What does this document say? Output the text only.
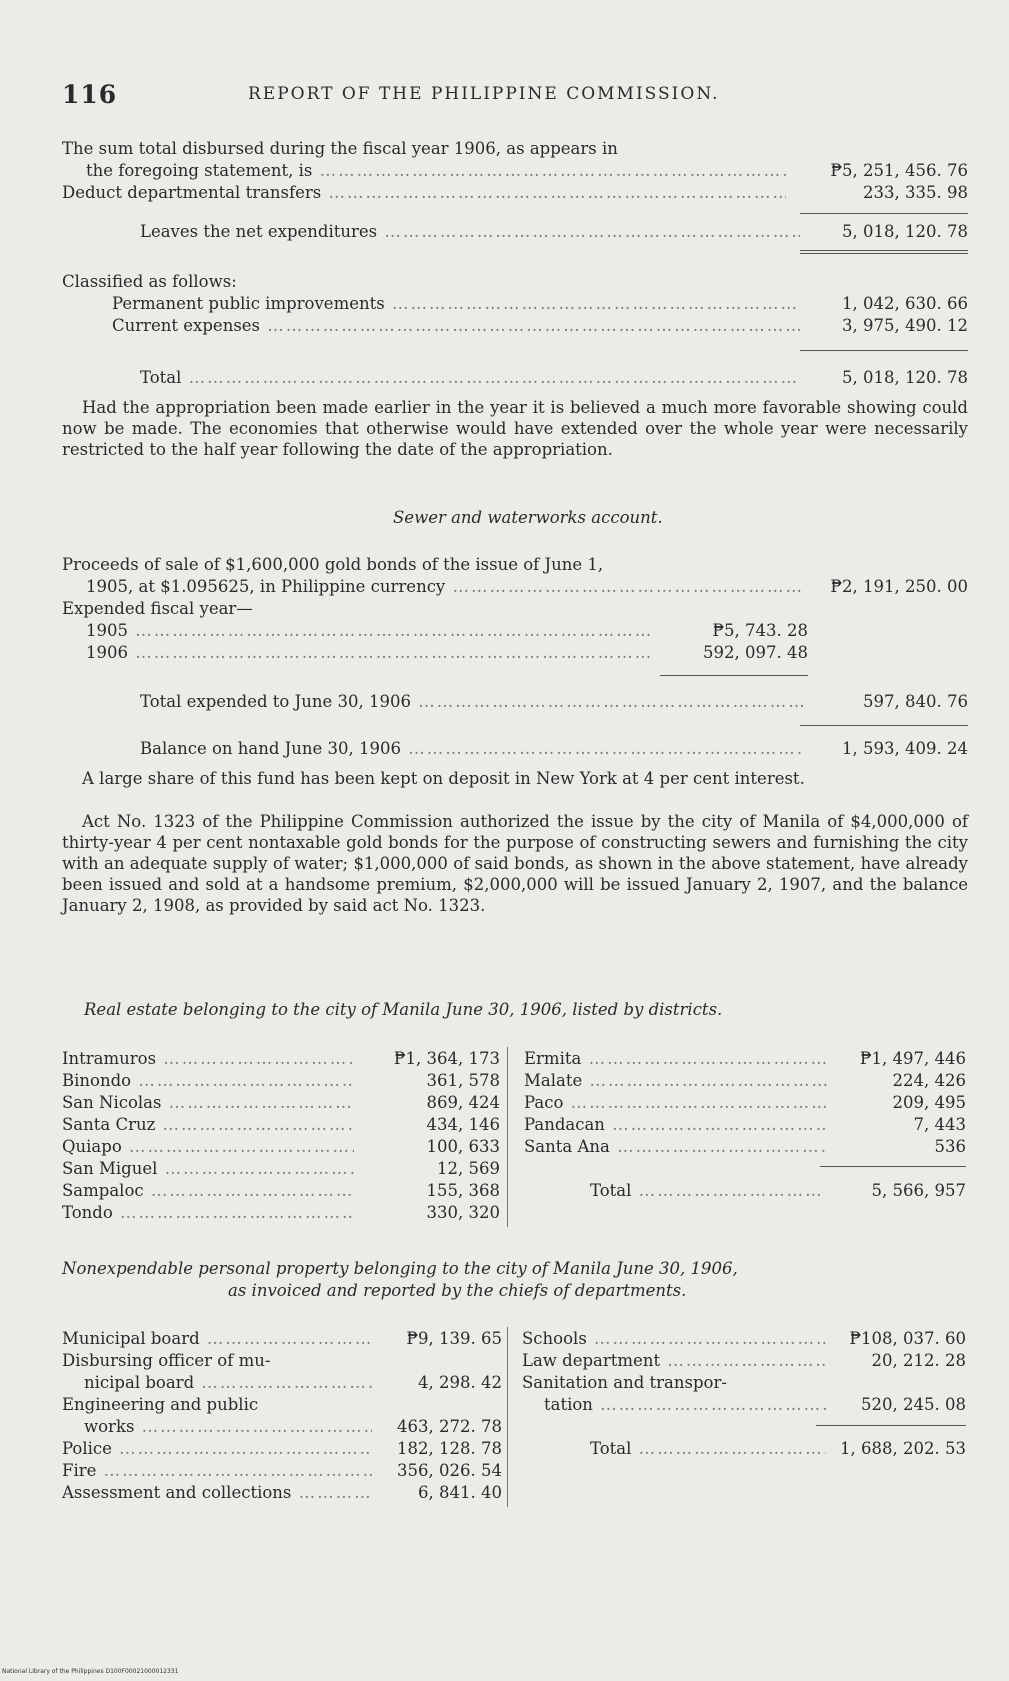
116	REPORT OF THE PHILIPPINE COMMISSION.
The sum total disbursed during the fiscal year 1906, as appears in
the foregoing statement, is ………………………………………………………………………………………………………………………………………………………………………………………………	₱5, 251, 456. 76
Deduct departmental transfers ………………………………………………………………………………………………………………………………………………………………………………………………	233, 335. 98
Leaves the net expenditures ………………………………………………………………………………………………………………………………………………………………………………………………	5, 018, 120. 78
Classified as follows:
Permanent public improvements ………………………………………………………………………………………………………………………………………………………………………………………………	1, 042, 630. 66
Current expenses ………………………………………………………………………………………………………………………………………………………………………………………………	3, 975, 490. 12
Total ………………………………………………………………………………………………………………………………………………………………………………………………	5, 018, 120. 78
Had the appropriation been made earlier in the year it is believed a much more favorable showing could now be made. The economies that otherwise would have extended over the whole year were necessarily restricted to the half year following the date of the appropriation.
Sewer and waterworks account.
Proceeds of sale of $1,600,000 gold bonds of the issue of June 1,
1905, at $1.095625, in Philippine currency ………………………………………………………………………………………………………………………………………………………………………………………………	₱2, 191, 250. 00
Expended fiscal year—
1905 ………………………………………………………………………………………………………………………………………………………………………………………………	₱5, 743. 28
1906 ………………………………………………………………………………………………………………………………………………………………………………………………	592, 097. 48
Total expended to June 30, 1906 ………………………………………………………………………………………………………………………………………………………………………………………………	597, 840. 76
Balance on hand June 30, 1906 ………………………………………………………………………………………………………………………………………………………………………………………………	1, 593, 409. 24
A large share of this fund has been kept on deposit in New York at 4 per cent interest.
Act No. 1323 of the Philippine Commission authorized the issue by the city of Manila of $4,000,000 of thirty-year 4 per cent nontaxable gold bonds for the purpose of constructing sewers and furnishing the city with an adequate supply of water; $1,000,000 of said bonds, as shown in the above statement, have already been issued and sold at a handsome premium, $2,000,000 will be issued January 2, 1907, and the balance January 2, 1908, as provided by said act No. 1323.
Real estate belonging to the city of Manila June 30, 1906, listed by districts.
Intramuros ………………………………………………………………………………………………………………………………………………………………………………………………	₱1, 364, 173
Binondo ………………………………………………………………………………………………………………………………………………………………………………………………	361, 578
San Nicolas ………………………………………………………………………………………………………………………………………………………………………………………………	869, 424
Santa Cruz ………………………………………………………………………………………………………………………………………………………………………………………………	434, 146
Quiapo ………………………………………………………………………………………………………………………………………………………………………………………………	100, 633
San Miguel ………………………………………………………………………………………………………………………………………………………………………………………………	12, 569
Sampaloc ………………………………………………………………………………………………………………………………………………………………………………………………	155, 368
Tondo ………………………………………………………………………………………………………………………………………………………………………………………………	330, 320
Ermita ………………………………………………………………………………………………………………………………………………………………………………………………	₱1, 497, 446
Malate ………………………………………………………………………………………………………………………………………………………………………………………………	224, 426
Paco ………………………………………………………………………………………………………………………………………………………………………………………………	209, 495
Pandacan ………………………………………………………………………………………………………………………………………………………………………………………………	7, 443
Santa Ana ………………………………………………………………………………………………………………………………………………………………………………………………	536
Total ………………………………………………………………………………………………………………………………………………………………………………………………	5, 566, 957
Nonexpendable personal property belonging to the city of Manila June 30, 1906,
as invoiced and reported by the chiefs of departments.
Municipal board ………………………………………………………………………………………………………………………………………………………………………………………………	₱9, 139. 65
Disbursing officer of mu-
nicipal board ………………………………………………………………………………………………………………………………………………………………………………………………	4, 298. 42
Engineering and public
works ………………………………………………………………………………………………………………………………………………………………………………………………	463, 272. 78
Police ………………………………………………………………………………………………………………………………………………………………………………………………	182, 128. 78
Fire ………………………………………………………………………………………………………………………………………………………………………………………………	356, 026. 54
Assessment and collections ………………………………………………………………………………………………………………………………………………………………………………………………	6, 841. 40
Schools ………………………………………………………………………………………………………………………………………………………………………………………………	₱108, 037. 60
Law department ………………………………………………………………………………………………………………………………………………………………………………………………	20, 212. 28
Sanitation and transpor-
tation ………………………………………………………………………………………………………………………………………………………………………………………………	520, 245. 08
Total ………………………………………………………………………………………………………………………………………………………………………………………………	1, 688, 202. 53
National Library of the Philippines D100F00021000012331
